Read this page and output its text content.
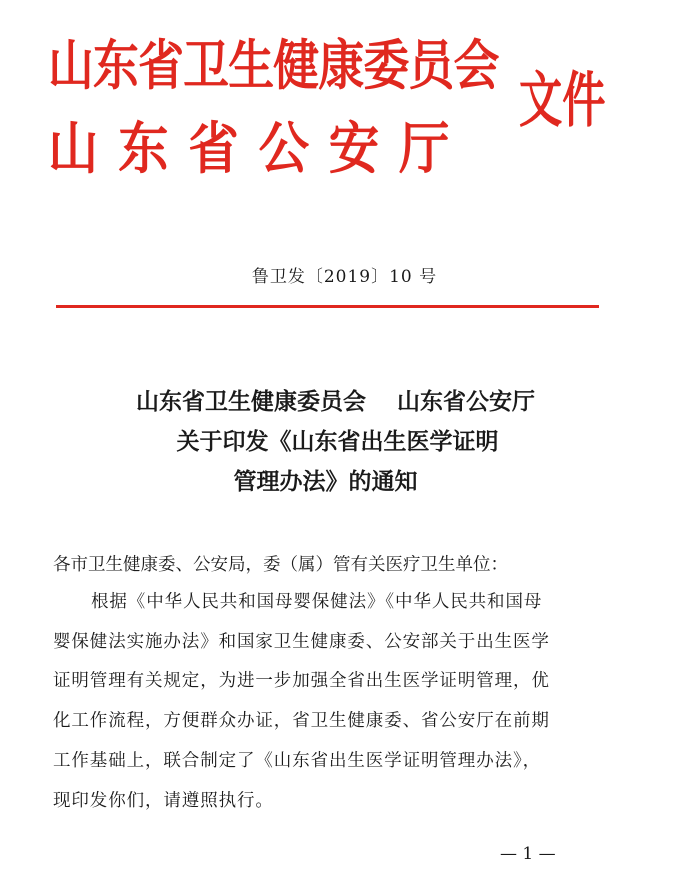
山东省卫生健康委员会
山东省公安厅
文件
鲁卫发〔2019〕10 号
山东省卫生健康委员会　 山东省公安厅
关于印发《山东省出生医学证明
管理办法》的通知
各市卫生健康委、公安局，委（属）管有关医疗卫生单位：
根据《中华人民共和国母婴保健法》《中华人民共和国母
婴保健法实施办法》和国家卫生健康委、公安部关于出生医学
证明管理有关规定，为进一步加强全省出生医学证明管理，优
化工作流程，方便群众办证，省卫生健康委、省公安厅在前期
工作基础上，联合制定了《山东省出生医学证明管理办法》，
现印发你们，请遵照执行。
— 1 —
